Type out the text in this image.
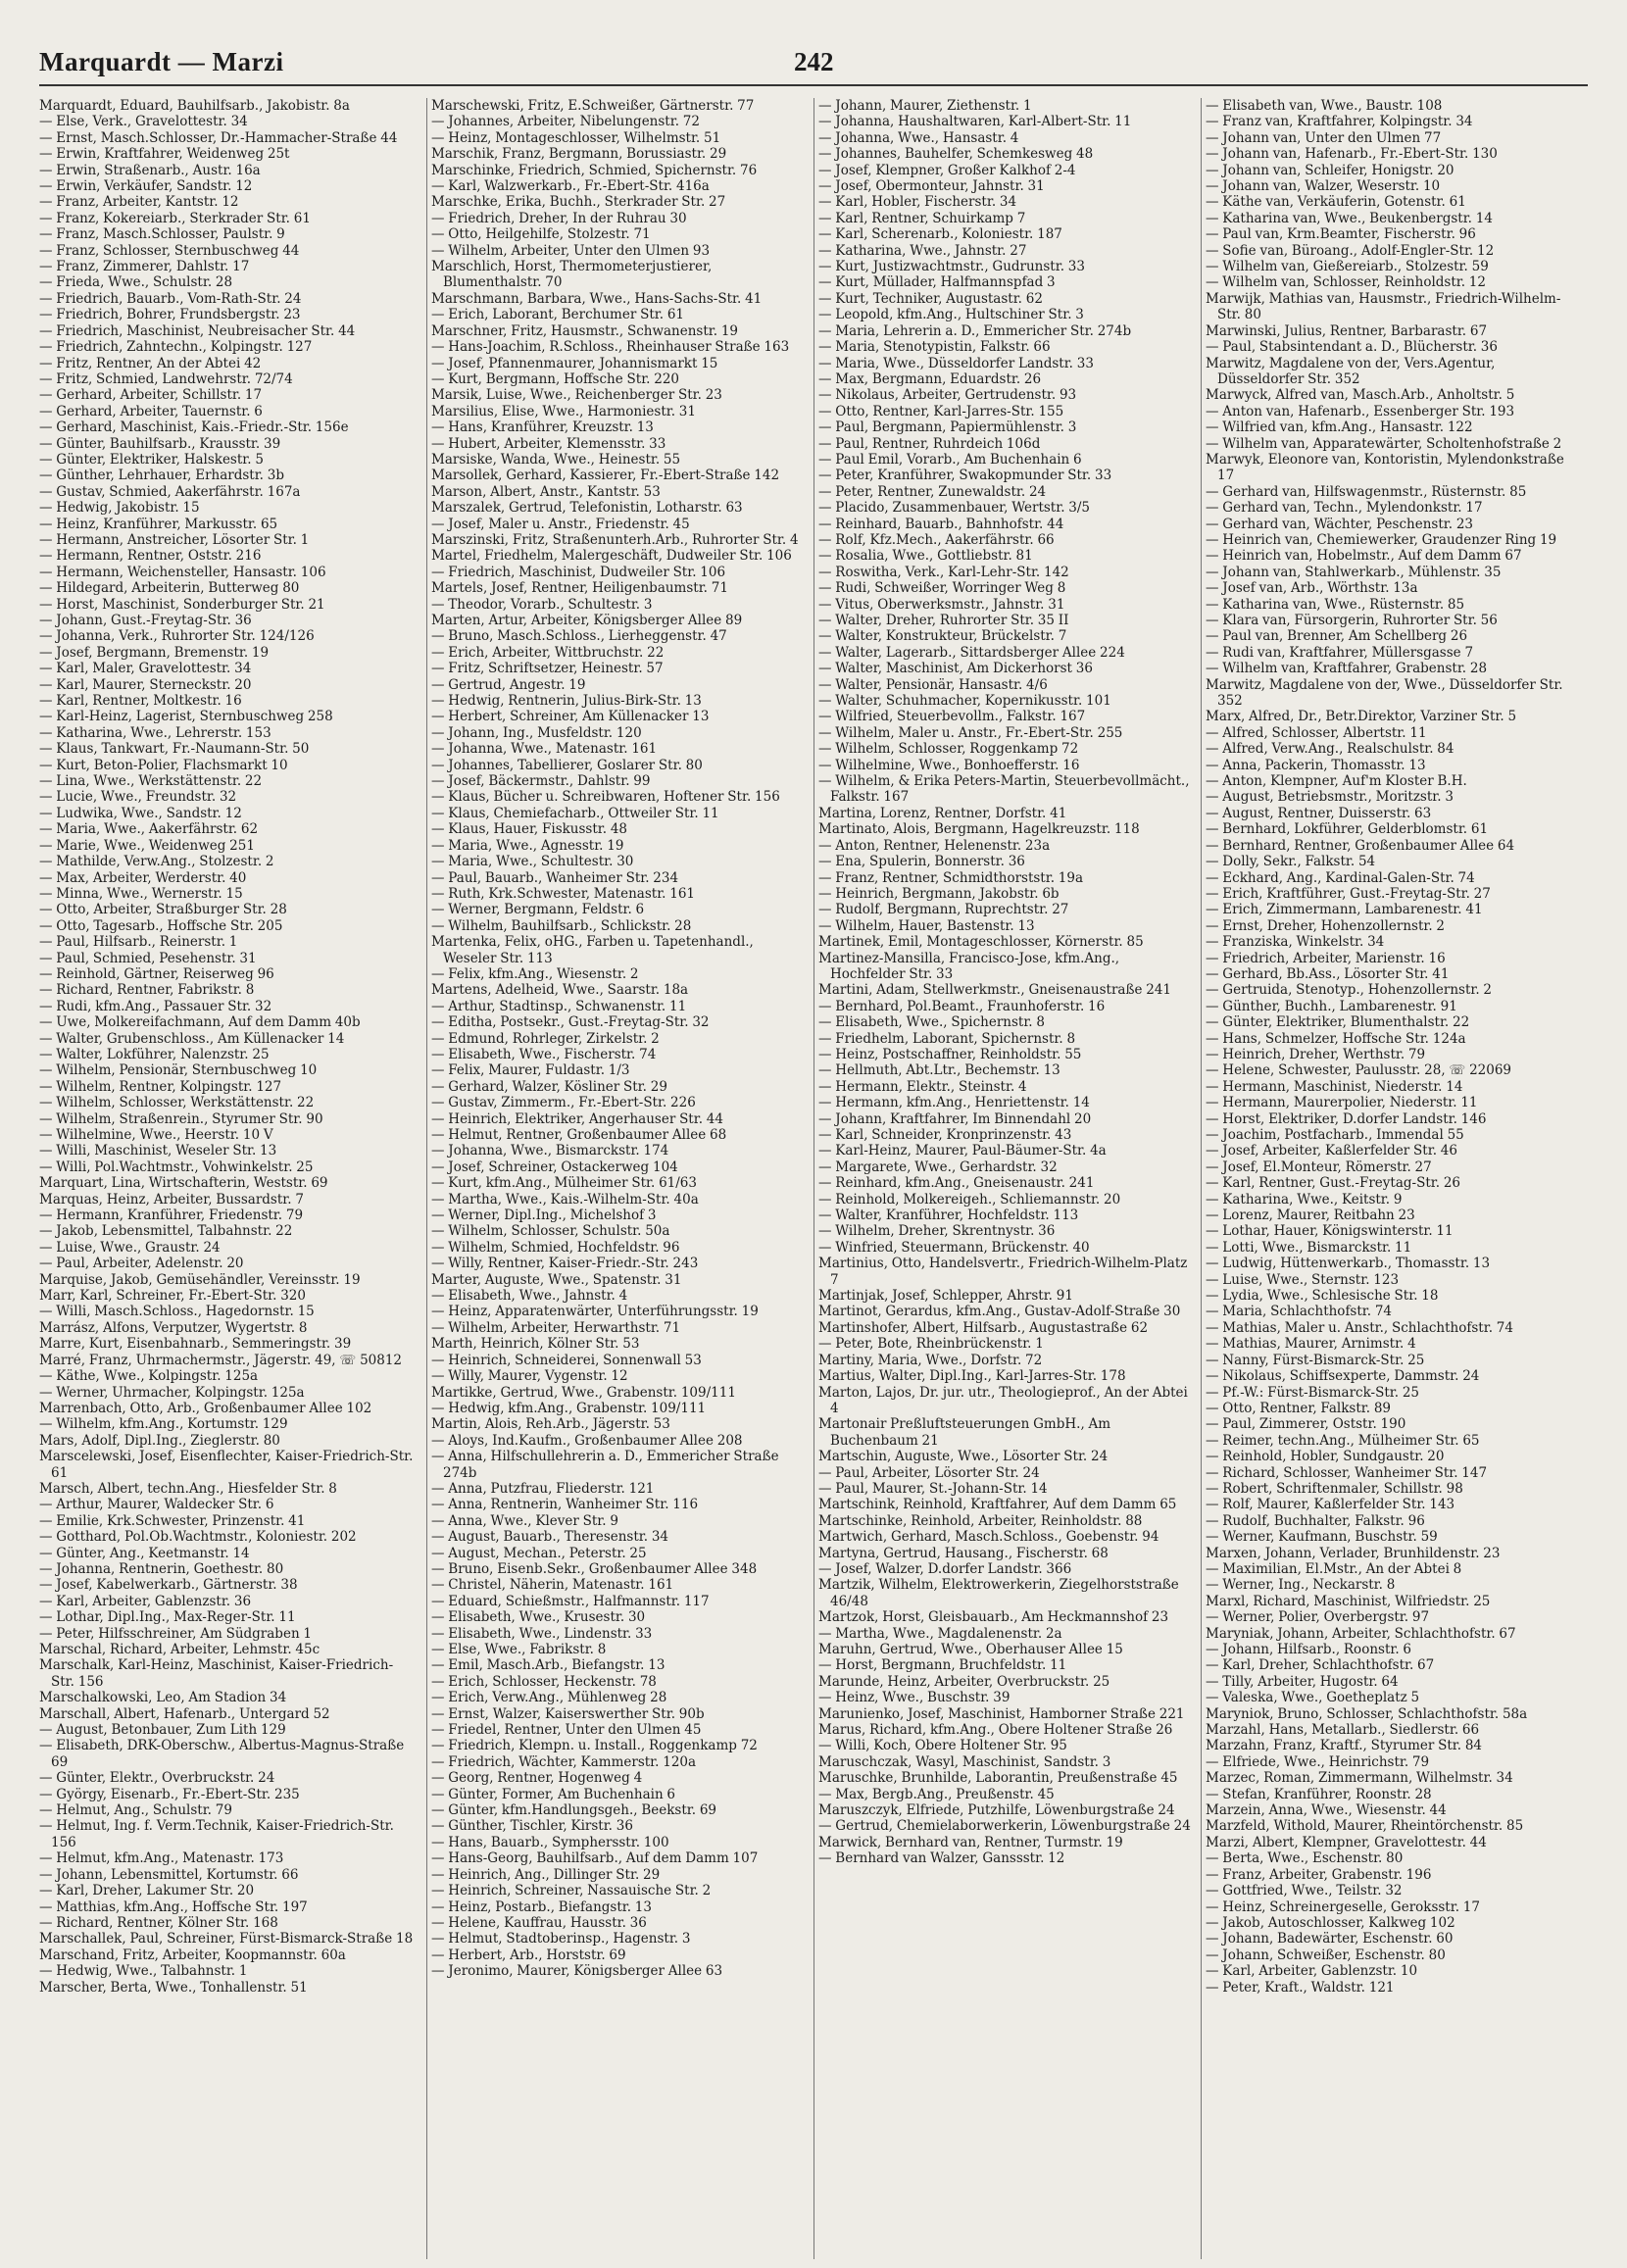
Marquardt — Marzi	242
Marquardt, Eduard, Bauhilfsarb., Jakobistr. 8a
— Else, Verk., Gravelottestr. 34
— Ernst, Masch.Schlosser, Dr.-Hammacher-Straße 44
— Erwin, Kraftfahrer, Weidenweg 25t
— Erwin, Straßenarb., Austr. 16a
— Erwin, Verkäufer, Sandstr. 12
— Franz, Arbeiter, Kantstr. 12
— Franz, Kokereiarb., Sterkrader Str. 61
— Franz, Masch.Schlosser, Paulstr. 9
— Franz, Schlosser, Sternbuschweg 44
— Franz, Zimmerer, Dahlstr. 17
— Frieda, Wwe., Schulstr. 28
— Friedrich, Bauarb., Vom-Rath-Str. 24
— Friedrich, Bohrer, Frundsbergstr. 23
— Friedrich, Maschinist, Neubreisacher Str. 44
— Friedrich, Zahntechn., Kolpingstr. 127
— Fritz, Rentner, An der Abtei 42
— Fritz, Schmied, Landwehrstr. 72/74
— Gerhard, Arbeiter, Schillstr. 17
— Gerhard, Arbeiter, Tauernstr. 6
— Gerhard, Maschinist, Kais.-Friedr.-Str. 156e
— Günter, Bauhilfsarb., Krausstr. 39
— Günter, Elektriker, Halskestr. 5
— Günther, Lehrhauer, Erhardstr. 3b
— Gustav, Schmied, Aakerfährstr. 167a
— Hedwig, Jakobistr. 15
— Heinz, Kranführer, Markusstr. 65
— Hermann, Anstreicher, Lösorter Str. 1
— Hermann, Rentner, Oststr. 216
— Hermann, Weichensteller, Hansastr. 106
— Hildegard, Arbeiterin, Butterweg 80
— Horst, Maschinist, Sonderburger Str. 21
— Johann, Gust.-Freytag-Str. 36
— Johanna, Verk., Ruhrorter Str. 124/126
— Josef, Bergmann, Bremenstr. 19
— Karl, Maler, Gravelottestr. 34
— Karl, Maurer, Sterneckstr. 20
— Karl, Rentner, Moltkestr. 16
— Karl-Heinz, Lagerist, Sternbuschweg 258
— Katharina, Wwe., Lehrerstr. 153
— Klaus, Tankwart, Fr.-Naumann-Str. 50
— Kurt, Beton-Polier, Flachsmarkt 10
— Lina, Wwe., Werkstättenstr. 22
— Lucie, Wwe., Freundstr. 32
— Ludwika, Wwe., Sandstr. 12
— Maria, Wwe., Aakerfährstr. 62
— Marie, Wwe., Weidenweg 251
— Mathilde, Verw.Ang., Stolzestr. 2
— Max, Arbeiter, Werderstr. 40
— Minna, Wwe., Wernerstr. 15
— Otto, Arbeiter, Straßburger Str. 28
— Otto, Tagesarb., Hoffsche Str. 205
— Paul, Hilfsarb., Reinerstr. 1
— Paul, Schmied, Pesehenstr. 31
— Reinhold, Gärtner, Reiserweg 96
— Richard, Rentner, Fabrikstr. 8
— Rudi, kfm.Ang., Passauer Str. 32
— Uwe, Molkereifachmann, Auf dem Damm 40b
— Walter, Grubenschloss., Am Küllenacker 14
— Walter, Lokführer, Nalenzstr. 25
— Wilhelm, Pensionär, Sternbuschweg 10
— Wilhelm, Rentner, Kolpingstr. 127
— Wilhelm, Schlosser, Werkstättenstr. 22
— Wilhelm, Straßenrein., Styrumer Str. 90
— Wilhelmine, Wwe., Heerstr. 10 V
— Willi, Maschinist, Weseler Str. 13
— Willi, Pol.Wachtmstr., Vohwinkelstr. 25
Marquart, Lina, Wirtschafterin, Weststr. 69
Marquas, Heinz, Arbeiter, Bussardstr. 7
— Hermann, Kranführer, Friedenstr. 79
— Jakob, Lebensmittel, Talbahnstr. 22
— Luise, Wwe., Graustr. 24
— Paul, Arbeiter, Adelenstr. 20
Marquise, Jakob, Gemüsehändler, Vereinsstr. 19
Marr, Karl, Schreiner, Fr.-Ebert-Str. 320
— Willi, Masch.Schloss., Hagedornstr. 15
Marrász, Alfons, Verputzer, Wygertstr. 8
Marre, Kurt, Eisenbahnarb., Semmeringstr. 39
Marré, Franz, Uhrmachermstr., Jägerstr. 49, ☏ 50812
— Käthe, Wwe., Kolpingstr. 125a
— Werner, Uhrmacher, Kolpingstr. 125a
Marrenbach, Otto, Arb., Großenbaumer Allee 102
— Wilhelm, kfm.Ang., Kortumstr. 129
Mars, Adolf, Dipl.Ing., Zieglerstr. 80
Marscelewski, Josef, Eisenflechter, Kaiser-Friedrich-Str. 61
Marsch, Albert, techn.Ang., Hiesfelder Str. 8
— Arthur, Maurer, Waldecker Str. 6
— Emilie, Krk.Schwester, Prinzenstr. 41
— Gotthard, Pol.Ob.Wachtmstr., Koloniestr. 202
— Günter, Ang., Keetmanstr. 14
— Johanna, Rentnerin, Goethestr. 80
— Josef, Kabelwerkarb., Gärtnerstr. 38
— Karl, Arbeiter, Gablenzstr. 36
— Lothar, Dipl.Ing., Max-Reger-Str. 11
— Peter, Hilfsschreiner, Am Südgraben 1
Marschal, Richard, Arbeiter, Lehmstr. 45c
Marschalk, Karl-Heinz, Maschinist, Kaiser-Friedrich-Str. 156
Marschalkowski, Leo, Am Stadion 34
Marschall, Albert, Hafenarb., Untergard 52
— August, Betonbauer, Zum Lith 129
— Elisabeth, DRK-Oberschw., Albertus-Magnus-Straße 69
— Günter, Elektr., Overbruckstr. 24
— György, Eisenarb., Fr.-Ebert-Str. 235
— Helmut, Ang., Schulstr. 79
— Helmut, Ing. f. Verm.Technik, Kaiser-Friedrich-Str. 156
— Helmut, kfm.Ang., Matenastr. 173
— Johann, Lebensmittel, Kortumstr. 66
— Karl, Dreher, Lakumer Str. 20
— Matthias, kfm.Ang., Hoffsche Str. 197
— Richard, Rentner, Kölner Str. 168
Marschallek, Paul, Schreiner, Fürst-Bismarck-Straße 18
Marschand, Fritz, Arbeiter, Koopmannstr. 60a
— Hedwig, Wwe., Talbahnstr. 1
Marscher, Berta, Wwe., Tonhallenstr. 51
Marschewski, Fritz, E.Schweißer, Gärtnerstr. 77
— Johannes, Arbeiter, Nibelungenstr. 72
— Heinz, Montageschlosser, Wilhelmstr. 51
Marschik, Franz, Bergmann, Borussiastr. 29
Marschinke, Friedrich, Schmied, Spichernstr. 76
— Karl, Walzwerkarb., Fr.-Ebert-Str. 416a
Marschke, Erika, Buchh., Sterkrader Str. 27
— Friedrich, Dreher, In der Ruhrau 30
— Otto, Heilgehilfe, Stolzestr. 71
— Wilhelm, Arbeiter, Unter den Ulmen 93
Marschlich, Horst, Thermometerjustierer, Blumenthalstr. 70
Marschmann, Barbara, Wwe., Hans-Sachs-Str. 41
— Erich, Laborant, Berchumer Str. 61
Marschner, Fritz, Hausmstr., Schwanenstr. 19
— Hans-Joachim, R.Schloss., Rheinhauser Straße 163
— Josef, Pfannenmaurer, Johannismarkt 15
— Kurt, Bergmann, Hoffsche Str. 220
Marsik, Luise, Wwe., Reichenberger Str. 23
Marsilius, Elise, Wwe., Harmoniestr. 31
— Hans, Kranführer, Kreuzstr. 13
— Hubert, Arbeiter, Klemensstr. 33
Marsiske, Wanda, Wwe., Heinestr. 55
Marsollek, Gerhard, Kassierer, Fr.-Ebert-Straße 142
Marson, Albert, Anstr., Kantstr. 53
Marszalek, Gertrud, Telefonistin, Lotharstr. 63
— Josef, Maler u. Anstr., Friedenstr. 45
Marszinski, Fritz, Straßenunterh.Arb., Ruhrorter Str. 4
Martel, Friedhelm, Malergeschäft, Dudweiler Str. 106
— Friedrich, Maschinist, Dudweiler Str. 106
Martels, Josef, Rentner, Heiligenbaumstr. 71
— Theodor, Vorarb., Schultestr. 3
Marten, Artur, Arbeiter, Königsberger Allee 89
— Bruno, Masch.Schloss., Lierheggenstr. 47
— Erich, Arbeiter, Wittbruchstr. 22
— Fritz, Schriftsetzer, Heinestr. 57
— Gertrud, Angestr. 19
— Hedwig, Rentnerin, Julius-Birk-Str. 13
— Herbert, Schreiner, Am Küllenacker 13
— Johann, Ing., Musfeldstr. 120
— Johanna, Wwe., Matenastr. 161
— Johannes, Tabellierer, Goslarer Str. 80
— Josef, Bäckermstr., Dahlstr. 99
— Klaus, Bücher u. Schreibwaren, Hoftener Str. 156
— Klaus, Chemiefacharb., Ottweiler Str. 11
— Klaus, Hauer, Fiskusstr. 48
— Maria, Wwe., Agnesstr. 19
— Maria, Wwe., Schultestr. 30
— Paul, Bauarb., Wanheimer Str. 234
— Ruth, Krk.Schwester, Matenastr. 161
— Werner, Bergmann, Feldstr. 6
— Wilhelm, Bauhilfsarb., Schlickstr. 28
Martenka, Felix, oHG., Farben u. Tapetenhandl., Weseler Str. 113
— Felix, kfm.Ang., Wiesenstr. 2
Martens, Adelheid, Wwe., Saarstr. 18a
— Arthur, Stadtinsp., Schwanenstr. 11
— Editha, Postsekr., Gust.-Freytag-Str. 32
— Edmund, Rohrleger, Zirkelstr. 2
— Elisabeth, Wwe., Fischerstr. 74
— Felix, Maurer, Fuldastr. 1/3
— Gerhard, Walzer, Kösliner Str. 29
— Gustav, Zimmerm., Fr.-Ebert-Str. 226
— Heinrich, Elektriker, Angerhauser Str. 44
— Helmut, Rentner, Großenbaumer Allee 68
— Johanna, Wwe., Bismarckstr. 174
— Josef, Schreiner, Ostackerweg 104
— Kurt, kfm.Ang., Mülheimer Str. 61/63
— Martha, Wwe., Kais.-Wilhelm-Str. 40a
— Werner, Dipl.Ing., Michelshof 3
— Wilhelm, Schlosser, Schulstr. 50a
— Wilhelm, Schmied, Hochfeldstr. 96
— Willy, Rentner, Kaiser-Friedr.-Str. 243
Marter, Auguste, Wwe., Spatenstr. 31
— Elisabeth, Wwe., Jahnstr. 4
— Heinz, Apparatenwärter, Unterführungsstr. 19
— Wilhelm, Arbeiter, Herwarthstr. 71
Marth, Heinrich, Kölner Str. 53
— Heinrich, Schneiderei, Sonnenwall 53
— Willy, Maurer, Vygenstr. 12
Martikke, Gertrud, Wwe., Grabenstr. 109/111
— Hedwig, kfm.Ang., Grabenstr. 109/111
Martin, Alois, Reh.Arb., Jägerstr. 53
— Aloys, Ind.Kaufm., Großenbaumer Allee 208
— Anna, Hilfschullehrerin a. D., Emmericher Straße 274b
— Anna, Putzfrau, Fliederstr. 121
— Anna, Rentnerin, Wanheimer Str. 116
— Anna, Wwe., Klever Str. 9
— August, Bauarb., Theresenstr. 34
— August, Mechan., Peterstr. 25
— Bruno, Eisenb.Sekr., Großenbaumer Allee 348
— Christel, Näherin, Matenastr. 161
— Eduard, Schießmstr., Halfmannstr. 117
— Elisabeth, Wwe., Krusestr. 30
— Elisabeth, Wwe., Lindenstr. 33
— Else, Wwe., Fabrikstr. 8
— Emil, Masch.Arb., Biefangstr. 13
— Erich, Schlosser, Heckenstr. 78
— Erich, Verw.Ang., Mühlenweg 28
— Ernst, Walzer, Kaiserswerther Str. 90b
— Friedel, Rentner, Unter den Ulmen 45
— Friedrich, Klempn. u. Install., Roggenkamp 72
— Friedrich, Wächter, Kammerstr. 120a
— Georg, Rentner, Hogenweg 4
— Günter, Former, Am Buchenhain 6
— Günter, kfm.Handlungsgeh., Beekstr. 69
— Günther, Tischler, Kirstr. 36
— Hans, Bauarb., Symphersstr. 100
— Hans-Georg, Bauhilfsarb., Auf dem Damm 107
— Heinrich, Ang., Dillinger Str. 29
— Heinrich, Schreiner, Nassauische Str. 2
— Heinz, Postarb., Biefangstr. 13
— Helene, Kauffrau, Hausstr. 36
— Helmut, Stadtoberinsp., Hagenstr. 3
— Herbert, Arb., Horststr. 69
— Jeronimo, Maurer, Königsberger Allee 63
— Johann, Maurer, Ziethenstr. 1
— Johanna, Haushaltwaren, Karl-Albert-Str. 11
— Johanna, Wwe., Hansastr. 4
— Johannes, Bauhelfer, Schemkesweg 48
— Josef, Klempner, Großer Kalkhof 2-4
— Josef, Obermonteur, Jahnstr. 31
— Karl, Hobler, Fischerstr. 34
— Karl, Rentner, Schuirkamp 7
— Karl, Scherenarb., Koloniestr. 187
— Katharina, Wwe., Jahnstr. 27
— Kurt, Justizwachtmstr., Gudrunstr. 33
— Kurt, Müllader, Halfmannspfad 3
— Kurt, Techniker, Augustastr. 62
— Leopold, kfm.Ang., Hultschiner Str. 3
— Maria, Lehrerin a. D., Emmericher Str. 274b
— Maria, Stenotypistin, Falkstr. 66
— Maria, Wwe., Düsseldorfer Landstr. 33
— Max, Bergmann, Eduardstr. 26
— Nikolaus, Arbeiter, Gertrudenstr. 93
— Otto, Rentner, Karl-Jarres-Str. 155
— Paul, Bergmann, Papiermühlenstr. 3
— Paul, Rentner, Ruhrdeich 106d
— Paul Emil, Vorarb., Am Buchenhain 6
— Peter, Kranführer, Swakopmunder Str. 33
— Peter, Rentner, Zunewaldstr. 24
— Placido, Zusammenbauer, Wertstr. 3/5
— Reinhard, Bauarb., Bahnhofstr. 44
— Rolf, Kfz.Mech., Aakerfährstr. 66
— Rosalia, Wwe., Gottliebstr. 81
— Roswitha, Verk., Karl-Lehr-Str. 142
— Rudi, Schweißer, Worringer Weg 8
— Vitus, Oberwerksmstr., Jahnstr. 31
— Walter, Dreher, Ruhrorter Str. 35 II
— Walter, Konstrukteur, Brückelstr. 7
— Walter, Lagerarb., Sittardsberger Allee 224
— Walter, Maschinist, Am Dickerhorst 36
— Walter, Pensionär, Hansastr. 4/6
— Walter, Schuhmacher, Kopernikusstr. 101
— Wilfried, Steuerbevollm., Falkstr. 167
— Wilhelm, Maler u. Anstr., Fr.-Ebert-Str. 255
— Wilhelm, Schlosser, Roggenkamp 72
— Wilhelmine, Wwe., Bonhoefferstr. 16
— Wilhelm, & Erika Peters-Martin, Steuerbevollmächt., Falkstr. 167
Martina, Lorenz, Rentner, Dorfstr. 41
Martinato, Alois, Bergmann, Hagelkreuzstr. 118
— Anton, Rentner, Helenenstr. 23a
— Ena, Spulerin, Bonnerstr. 36
— Franz, Rentner, Schmidthorststr. 19a
— Heinrich, Bergmann, Jakobstr. 6b
— Rudolf, Bergmann, Ruprechtstr. 27
— Wilhelm, Hauer, Bastenstr. 13
Martinek, Emil, Montageschlosser, Körnerstr. 85
Martinez-Mansilla, Francisco-Jose, kfm.Ang., Hochfelder Str. 33
Martini, Adam, Stellwerkmstr., Gneisenaustraße 241
— Bernhard, Pol.Beamt., Fraunhoferstr. 16
— Elisabeth, Wwe., Spichernstr. 8
— Friedhelm, Laborant, Spichernstr. 8
— Heinz, Postschaffner, Reinholdstr. 55
— Hellmuth, Abt.Ltr., Bechemstr. 13
— Hermann, Elektr., Steinstr. 4
— Hermann, kfm.Ang., Henriettenstr. 14
— Johann, Kraftfahrer, Im Binnendahl 20
— Karl, Schneider, Kronprinzenstr. 43
— Karl-Heinz, Maurer, Paul-Bäumer-Str. 4a
— Margarete, Wwe., Gerhardstr. 32
— Reinhard, kfm.Ang., Gneisenaustr. 241
— Reinhold, Molkereigeh., Schliemannstr. 20
— Walter, Kranführer, Hochfeldstr. 113
— Wilhelm, Dreher, Skrentnystr. 36
— Winfried, Steuermann, Brückenstr. 40
Martinius, Otto, Handelsvertr., Friedrich-Wilhelm-Platz 7
Martinjak, Josef, Schlepper, Ahrstr. 91
Martinot, Gerardus, kfm.Ang., Gustav-Adolf-Straße 30
Martinshofer, Albert, Hilfsarb., Augustastraße 62
— Peter, Bote, Rheinbrückenstr. 1
Martiny, Maria, Wwe., Dorfstr. 72
Martius, Walter, Dipl.Ing., Karl-Jarres-Str. 178
Marton, Lajos, Dr. jur. utr., Theologieprof., An der Abtei 4
Martonair Preßluftsteuerungen GmbH., Am Buchenbaum 21
Martschin, Auguste, Wwe., Lösorter Str. 24
— Paul, Arbeiter, Lösorter Str. 24
— Paul, Maurer, St.-Johann-Str. 14
Martschink, Reinhold, Kraftfahrer, Auf dem Damm 65
Martschinke, Reinhold, Arbeiter, Reinholdstr. 88
Martwich, Gerhard, Masch.Schloss., Goebenstr. 94
Martyna, Gertrud, Hausang., Fischerstr. 68
— Josef, Walzer, D.dorfer Landstr. 366
Martzik, Wilhelm, Elektrowerkerin, Ziegelhorststraße 46/48
Martzok, Horst, Gleisbauarb., Am Heckmannshof 23
— Martha, Wwe., Magdalenenstr. 2a
Maruhn, Gertrud, Wwe., Oberhauser Allee 15
— Horst, Bergmann, Bruchfeldstr. 11
Marunde, Heinz, Arbeiter, Overbruckstr. 25
— Heinz, Wwe., Buschstr. 39
Marunienko, Josef, Maschinist, Hamborner Straße 221
Marus, Richard, kfm.Ang., Obere Holtener Straße 26
— Willi, Koch, Obere Holtener Str. 95
Maruschczak, Wasyl, Maschinist, Sandstr. 3
Maruschke, Brunhilde, Laborantin, Preußenstraße 45
— Max, Bergb.Ang., Preußenstr. 45
Maruszczyk, Elfriede, Putzhilfe, Löwenburgstraße 24
— Gertrud, Chemielaborwerkerin, Löwenburgstraße 24
Marwick, Bernhard van, Rentner, Turmstr. 19
— Bernhard van Walzer, Ganssstr. 12
— Elisabeth van, Wwe., Baustr. 108
— Franz van, Kraftfahrer, Kolpingstr. 34
— Johann van, Unter den Ulmen 77
— Johann van, Hafenarb., Fr.-Ebert-Str. 130
— Johann van, Schleifer, Honigstr. 20
— Johann van, Walzer, Weserstr. 10
— Käthe van, Verkäuferin, Gotenstr. 61
— Katharina van, Wwe., Beukenbergstr. 14
— Paul van, Krm.Beamter, Fischerstr. 96
— Sofie van, Büroang., Adolf-Engler-Str. 12
— Wilhelm van, Gießereiarb., Stolzestr. 59
— Wilhelm van, Schlosser, Reinholdstr. 12
Marwijk, Mathias van, Hausmstr., Friedrich-Wilhelm-Str. 80
Marwinski, Julius, Rentner, Barbarastr. 67
— Paul, Stabsintendant a. D., Blücherstr. 36
Marwitz, Magdalene von der, Vers.Agentur, Düsseldorfer Str. 352
Marwyck, Alfred van, Masch.Arb., Anholtstr. 5
— Anton van, Hafenarb., Essenberger Str. 193
— Wilfried van, kfm.Ang., Hansastr. 122
— Wilhelm van, Apparatewärter, Scholtenhofstraße 2
Marwyk, Eleonore van, Kontoristin, Mylendonkstraße 17
— Gerhard van, Hilfswagenmstr., Rüsternstr. 85
— Gerhard van, Techn., Mylendonkstr. 17
— Gerhard van, Wächter, Peschenstr. 23
— Heinrich van, Chemiewerker, Graudenzer Ring 19
— Heinrich van, Hobelmstr., Auf dem Damm 67
— Johann van, Stahlwerkarb., Mühlenstr. 35
— Josef van, Arb., Wörthstr. 13a
— Katharina van, Wwe., Rüsternstr. 85
— Klara van, Fürsorgerin, Ruhrorter Str. 56
— Paul van, Brenner, Am Schellberg 26
— Rudi van, Kraftfahrer, Müllersgasse 7
— Wilhelm van, Kraftfahrer, Grabenstr. 28
Marwitz, Magdalene von der, Wwe., Düsseldorfer Str. 352
Marx, Alfred, Dr., Betr.Direktor, Varziner Str. 5
— Alfred, Schlosser, Albertstr. 11
— Alfred, Verw.Ang., Realschulstr. 84
— Anna, Packerin, Thomasstr. 13
— Anton, Klempner, Auf'm Kloster B.H.
— August, Betriebsmstr., Moritzstr. 3
— August, Rentner, Duisserstr. 63
— Bernhard, Lokführer, Gelderblomstr. 61
— Bernhard, Rentner, Großenbaumer Allee 64
— Dolly, Sekr., Falkstr. 54
— Eckhard, Ang., Kardinal-Galen-Str. 74
— Erich, Kraftführer, Gust.-Freytag-Str. 27
— Erich, Zimmermann, Lambarenestr. 41
— Ernst, Dreher, Hohenzollernstr. 2
— Franziska, Winkelstr. 34
— Friedrich, Arbeiter, Marienstr. 16
— Gerhard, Bb.Ass., Lösorter Str. 41
— Gertruida, Stenotyp., Hohenzollernstr. 2
— Günther, Buchh., Lambarenestr. 91
— Günter, Elektriker, Blumenthalstr. 22
— Hans, Schmelzer, Hoffsche Str. 124a
— Heinrich, Dreher, Werthstr. 79
— Helene, Schwester, Paulusstr. 28, ☏ 22069
— Hermann, Maschinist, Niederstr. 14
— Hermann, Maurerpolier, Niederstr. 11
— Horst, Elektriker, D.dorfer Landstr. 146
— Joachim, Postfacharb., Immendal 55
— Josef, Arbeiter, Kaßlerfelder Str. 46
— Josef, El.Monteur, Römerstr. 27
— Karl, Rentner, Gust.-Freytag-Str. 26
— Katharina, Wwe., Keitstr. 9
— Lorenz, Maurer, Reitbahn 23
— Lothar, Hauer, Königswinterstr. 11
— Lotti, Wwe., Bismarckstr. 11
— Ludwig, Hüttenwerkarb., Thomasstr. 13
— Luise, Wwe., Sternstr. 123
— Lydia, Wwe., Schlesische Str. 18
— Maria, Schlachthofstr. 74
— Mathias, Maler u. Anstr., Schlachthofstr. 74
— Mathias, Maurer, Arnimstr. 4
— Nanny, Fürst-Bismarck-Str. 25
— Nikolaus, Schiffsexperte, Dammstr. 24
— Pf.-W.: Fürst-Bismarck-Str. 25
— Otto, Rentner, Falkstr. 89
— Paul, Zimmerer, Oststr. 190
— Reimer, techn.Ang., Mülheimer Str. 65
— Reinhold, Hobler, Sundgaustr. 20
— Richard, Schlosser, Wanheimer Str. 147
— Robert, Schriftenmaler, Schillstr. 98
— Rolf, Maurer, Kaßlerfelder Str. 143
— Rudolf, Buchhalter, Falkstr. 96
— Werner, Kaufmann, Buschstr. 59
Marxen, Johann, Verlader, Brunhildenstr. 23
— Maximilian, El.Mstr., An der Abtei 8
— Werner, Ing., Neckarstr. 8
Marxl, Richard, Maschinist, Wilfriedstr. 25
— Werner, Polier, Overbergstr. 97
Maryniak, Johann, Arbeiter, Schlachthofstr. 67
— Johann, Hilfsarb., Roonstr. 6
— Karl, Dreher, Schlachthofstr. 67
— Tilly, Arbeiter, Hugostr. 64
— Valeska, Wwe., Goetheplatz 5
Maryniok, Bruno, Schlosser, Schlachthofstr. 58a
Marzahl, Hans, Metallarb., Siedlerstr. 66
Marzahn, Franz, Kraftf., Styrumer Str. 84
— Elfriede, Wwe., Heinrichstr. 79
Marzec, Roman, Zimmermann, Wilhelmstr. 34
— Stefan, Kranführer, Roonstr. 28
Marzein, Anna, Wwe., Wiesenstr. 44
Marzfeld, Withold, Maurer, Rheintörchenstr. 85
Marzi, Albert, Klempner, Gravelottestr. 44
— Berta, Wwe., Eschenstr. 80
— Franz, Arbeiter, Grabenstr. 196
— Gottfried, Wwe., Teilstr. 32
— Heinz, Schreinergeselle, Geroksstr. 17
— Jakob, Autoschlosser, Kalkweg 102
— Johann, Badewärter, Eschenstr. 60
— Johann, Schweißer, Eschenstr. 80
— Karl, Arbeiter, Gablenzstr. 10
— Peter, Kraft., Waldstr. 121
